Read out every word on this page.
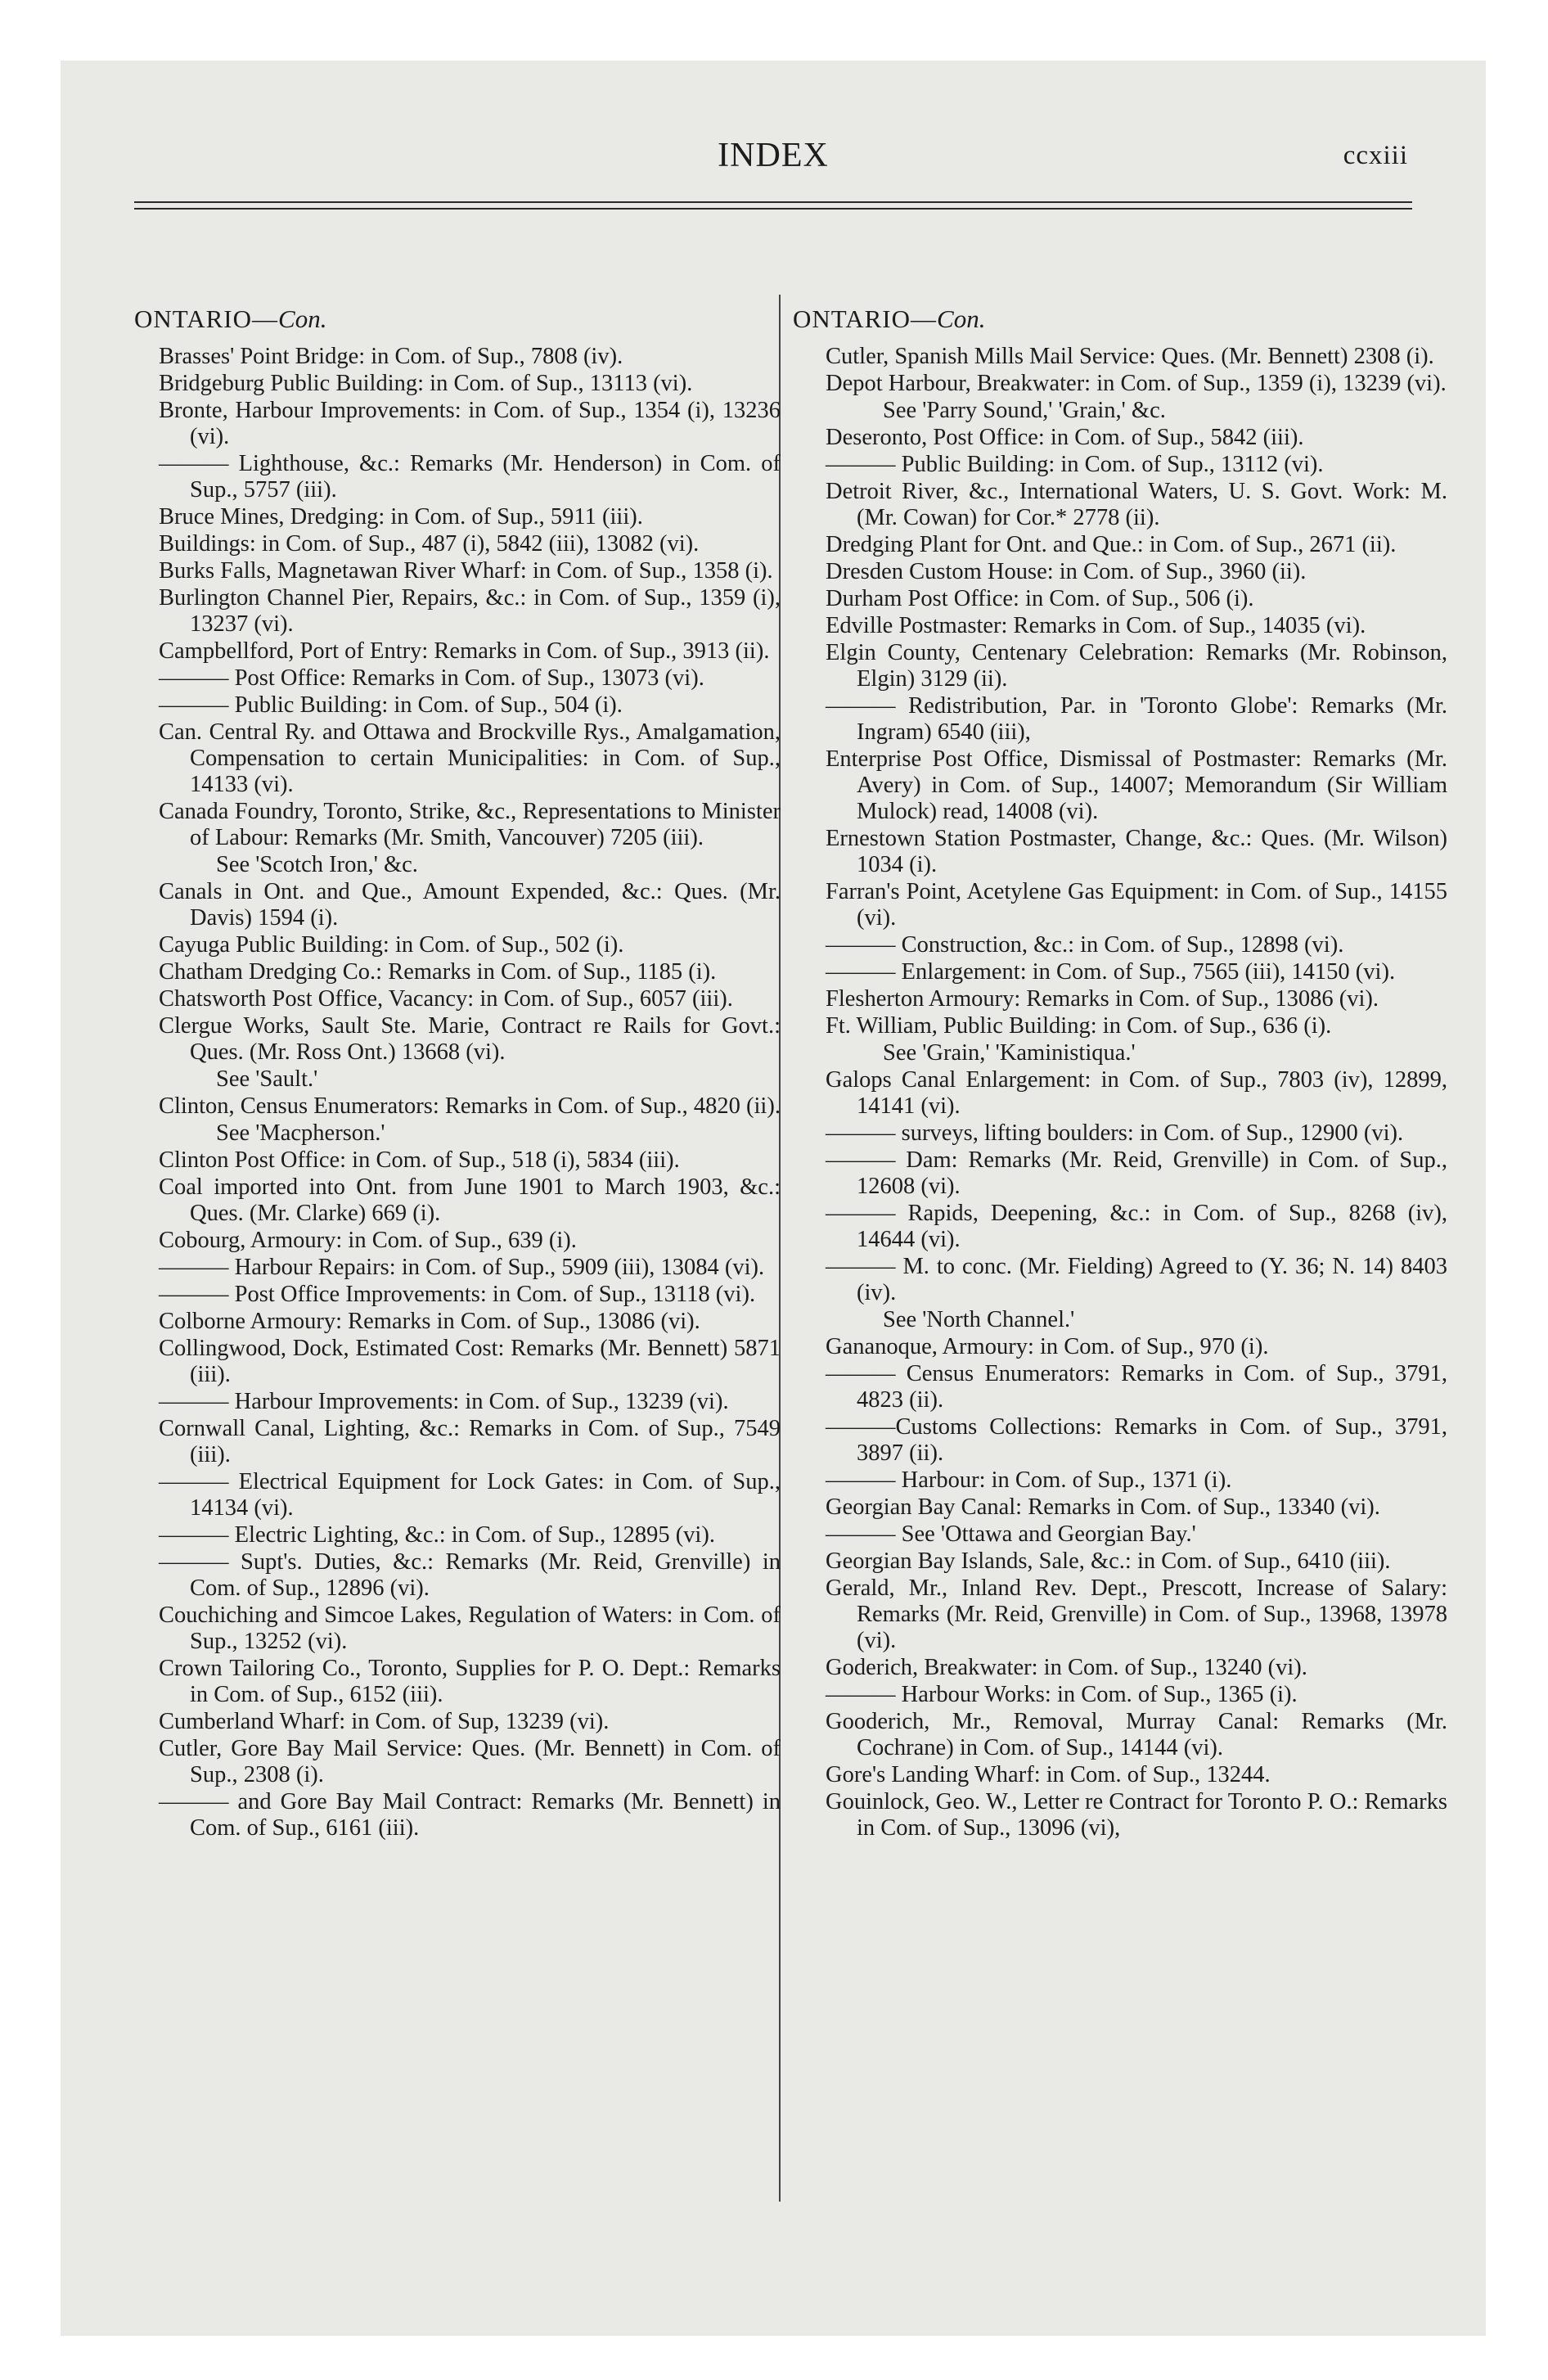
INDEX	ccxiii
ONTARIO—Con.
Brasses' Point Bridge: in Com. of Sup., 7808 (iv).
Bridgeburg Public Building: in Com. of Sup., 13113 (vi).
Bronte, Harbour Improvements: in Com. of Sup., 1354 (i), 13236 (vi).
——— Lighthouse, &c.: Remarks (Mr. Henderson) in Com. of Sup., 5757 (iii).
Bruce Mines, Dredging: in Com. of Sup., 5911 (iii).
Buildings: in Com. of Sup., 487 (i), 5842 (iii), 13082 (vi).
Burks Falls, Magnetawan River Wharf: in Com. of Sup., 1358 (i).
Burlington Channel Pier, Repairs, &c.: in Com. of Sup., 1359 (i), 13237 (vi).
Campbellford, Port of Entry: Remarks in Com. of Sup., 3913 (ii).
——— Post Office: Remarks in Com. of Sup., 13073 (vi).
——— Public Building: in Com. of Sup., 504 (i).
Can. Central Ry. and Ottawa and Brockville Rys., Amalgamation, Compensation to certain Municipalities: in Com. of Sup., 14133 (vi).
Canada Foundry, Toronto, Strike, &c., Representations to Minister of Labour: Remarks (Mr. Smith, Vancouver) 7205 (iii).
See 'Scotch Iron,' &c.
Canals in Ont. and Que., Amount Expended, &c.: Ques. (Mr. Davis) 1594 (i).
Cayuga Public Building: in Com. of Sup., 502 (i).
Chatham Dredging Co.: Remarks in Com. of Sup., 1185 (i).
Chatsworth Post Office, Vacancy: in Com. of Sup., 6057 (iii).
Clergue Works, Sault Ste. Marie, Contract re Rails for Govt.: Ques. (Mr. Ross Ont.) 13668 (vi).
See 'Sault.'
Clinton, Census Enumerators: Remarks in Com. of Sup., 4820 (ii).
See 'Macpherson.'
Clinton Post Office: in Com. of Sup., 518 (i), 5834 (iii).
Coal imported into Ont. from June 1901 to March 1903, &c.: Ques. (Mr. Clarke) 669 (i).
Cobourg, Armoury: in Com. of Sup., 639 (i).
——— Harbour Repairs: in Com. of Sup., 5909 (iii), 13084 (vi).
——— Post Office Improvements: in Com. of Sup., 13118 (vi).
Colborne Armoury: Remarks in Com. of Sup., 13086 (vi).
Collingwood, Dock, Estimated Cost: Remarks (Mr. Bennett) 5871 (iii).
——— Harbour Improvements: in Com. of Sup., 13239 (vi).
Cornwall Canal, Lighting, &c.: Remarks in Com. of Sup., 7549 (iii).
——— Electrical Equipment for Lock Gates: in Com. of Sup., 14134 (vi).
——— Electric Lighting, &c.: in Com. of Sup., 12895 (vi).
——— Supt's. Duties, &c.: Remarks (Mr. Reid, Grenville) in Com. of Sup., 12896 (vi).
Couchiching and Simcoe Lakes, Regulation of Waters: in Com. of Sup., 13252 (vi).
Crown Tailoring Co., Toronto, Supplies for P. O. Dept.: Remarks in Com. of Sup., 6152 (iii).
Cumberland Wharf: in Com. of Sup, 13239 (vi).
Cutler, Gore Bay Mail Service: Ques. (Mr. Bennett) in Com. of Sup., 2308 (i).
——— and Gore Bay Mail Contract: Remarks (Mr. Bennett) in Com. of Sup., 6161 (iii).
ONTARIO—Con.
Cutler, Spanish Mills Mail Service: Ques. (Mr. Bennett) 2308 (i).
Depot Harbour, Breakwater: in Com. of Sup., 1359 (i), 13239 (vi).
See 'Parry Sound,' 'Grain,' &c.
Deseronto, Post Office: in Com. of Sup., 5842 (iii).
——— Public Building: in Com. of Sup., 13112 (vi).
Detroit River, &c., International Waters, U. S. Govt. Work: M. (Mr. Cowan) for Cor.* 2778 (ii).
Dredging Plant for Ont. and Que.: in Com. of Sup., 2671 (ii).
Dresden Custom House: in Com. of Sup., 3960 (ii).
Durham Post Office: in Com. of Sup., 506 (i).
Edville Postmaster: Remarks in Com. of Sup., 14035 (vi).
Elgin County, Centenary Celebration: Remarks (Mr. Robinson, Elgin) 3129 (ii).
——— Redistribution, Par. in 'Toronto Globe': Remarks (Mr. Ingram) 6540 (iii),
Enterprise Post Office, Dismissal of Postmaster: Remarks (Mr. Avery) in Com. of Sup., 14007; Memorandum (Sir William Mulock) read, 14008 (vi).
Ernestown Station Postmaster, Change, &c.: Ques. (Mr. Wilson) 1034 (i).
Farran's Point, Acetylene Gas Equipment: in Com. of Sup., 14155 (vi).
——— Construction, &c.: in Com. of Sup., 12898 (vi).
——— Enlargement: in Com. of Sup., 7565 (iii), 14150 (vi).
Flesherton Armoury: Remarks in Com. of Sup., 13086 (vi).
Ft. William, Public Building: in Com. of Sup., 636 (i).
See 'Grain,' 'Kaministiqua.'
Galops Canal Enlargement: in Com. of Sup., 7803 (iv), 12899, 14141 (vi).
——— surveys, lifting boulders: in Com. of Sup., 12900 (vi).
——— Dam: Remarks (Mr. Reid, Grenville) in Com. of Sup., 12608 (vi).
——— Rapids, Deepening, &c.: in Com. of Sup., 8268 (iv), 14644 (vi).
——— M. to conc. (Mr. Fielding) Agreed to (Y. 36; N. 14) 8403 (iv).
See 'North Channel.'
Gananoque, Armoury: in Com. of Sup., 970 (i).
——— Census Enumerators: Remarks in Com. of Sup., 3791, 4823 (ii).
———Customs Collections: Remarks in Com. of Sup., 3791, 3897 (ii).
——— Harbour: in Com. of Sup., 1371 (i).
Georgian Bay Canal: Remarks in Com. of Sup., 13340 (vi).
——— See 'Ottawa and Georgian Bay.'
Georgian Bay Islands, Sale, &c.: in Com. of Sup., 6410 (iii).
Gerald, Mr., Inland Rev. Dept., Prescott, Increase of Salary: Remarks (Mr. Reid, Grenville) in Com. of Sup., 13968, 13978 (vi).
Goderich, Breakwater: in Com. of Sup., 13240 (vi).
——— Harbour Works: in Com. of Sup., 1365 (i).
Gooderich, Mr., Removal, Murray Canal: Remarks (Mr. Cochrane) in Com. of Sup., 14144 (vi).
Gore's Landing Wharf: in Com. of Sup., 13244.
Gouinlock, Geo. W., Letter re Contract for Toronto P. O.: Remarks in Com. of Sup., 13096 (vi),
